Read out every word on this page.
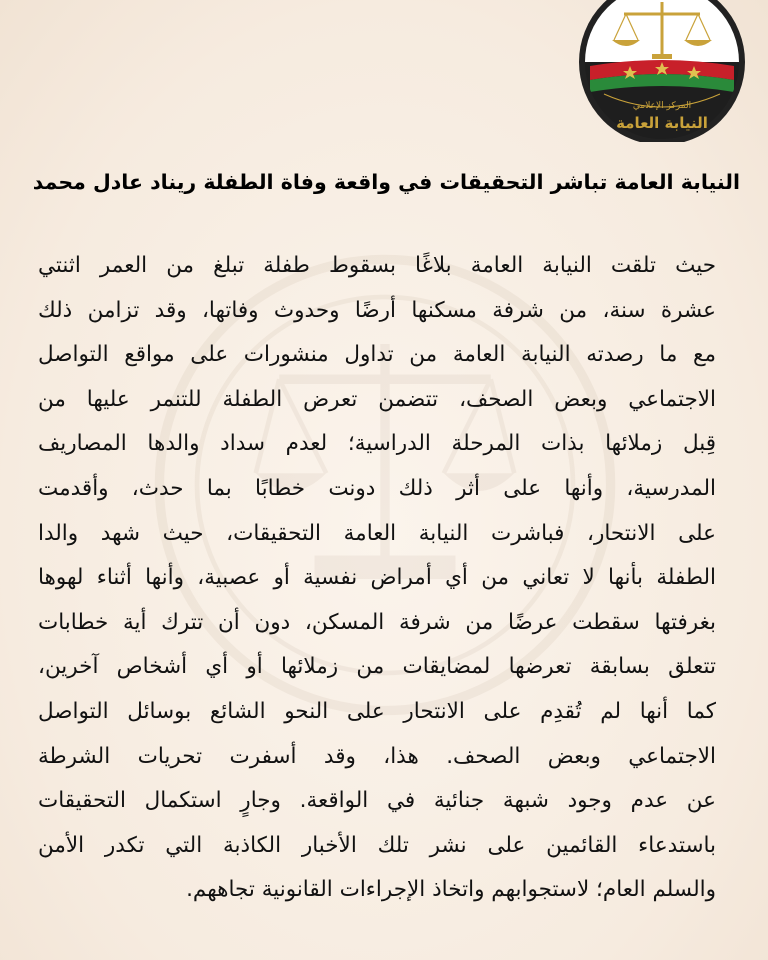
المركز الإعلامي
النيابة العامة
النيابة العامة تباشر التحقيقات في واقعة وفاة الطفلة ريناد عادل محمد
حيث تلقت النيابة العامة بلاغًا بسقوط طفلة تبلغ من العمر اثنتي
عشرة سنة، من شرفة مسكنها أرضًا وحدوث وفاتها، وقد تزامن ذلك
مع ما رصدته النيابة العامة من تداول منشورات على مواقع التواصل
الاجتماعي وبعض الصحف، تتضمن تعرض الطفلة للتنمر عليها من
قِبل زملائها بذات المرحلة الدراسية؛ لعدم سداد والدها المصاريف
المدرسية، وأنها على أثر ذلك دونت خطابًا بما حدث، وأقدمت
على الانتحار، فباشرت النيابة العامة التحقيقات، حيث شهد والدا
الطفلة بأنها لا تعاني من أي أمراض نفسية أو عصبية، وأنها أثناء لهوها
بغرفتها سقطت عرضًا من شرفة المسكن، دون أن تترك أية خطابات
تتعلق بسابقة تعرضها لمضايقات من زملائها أو أي أشخاص آخرين،
كما أنها لم تُقدِم على الانتحار على النحو الشائع بوسائل التواصل
الاجتماعي وبعض الصحف. هذا، وقد أسفرت تحريات الشرطة
عن عدم وجود شبهة جنائية في الواقعة. وجارٍ استكمال التحقيقات
باستدعاء القائمين على نشر تلك الأخبار الكاذبة التي تكدر الأمن
والسلم العام؛ لاستجوابهم واتخاذ الإجراءات القانونية تجاههم.
